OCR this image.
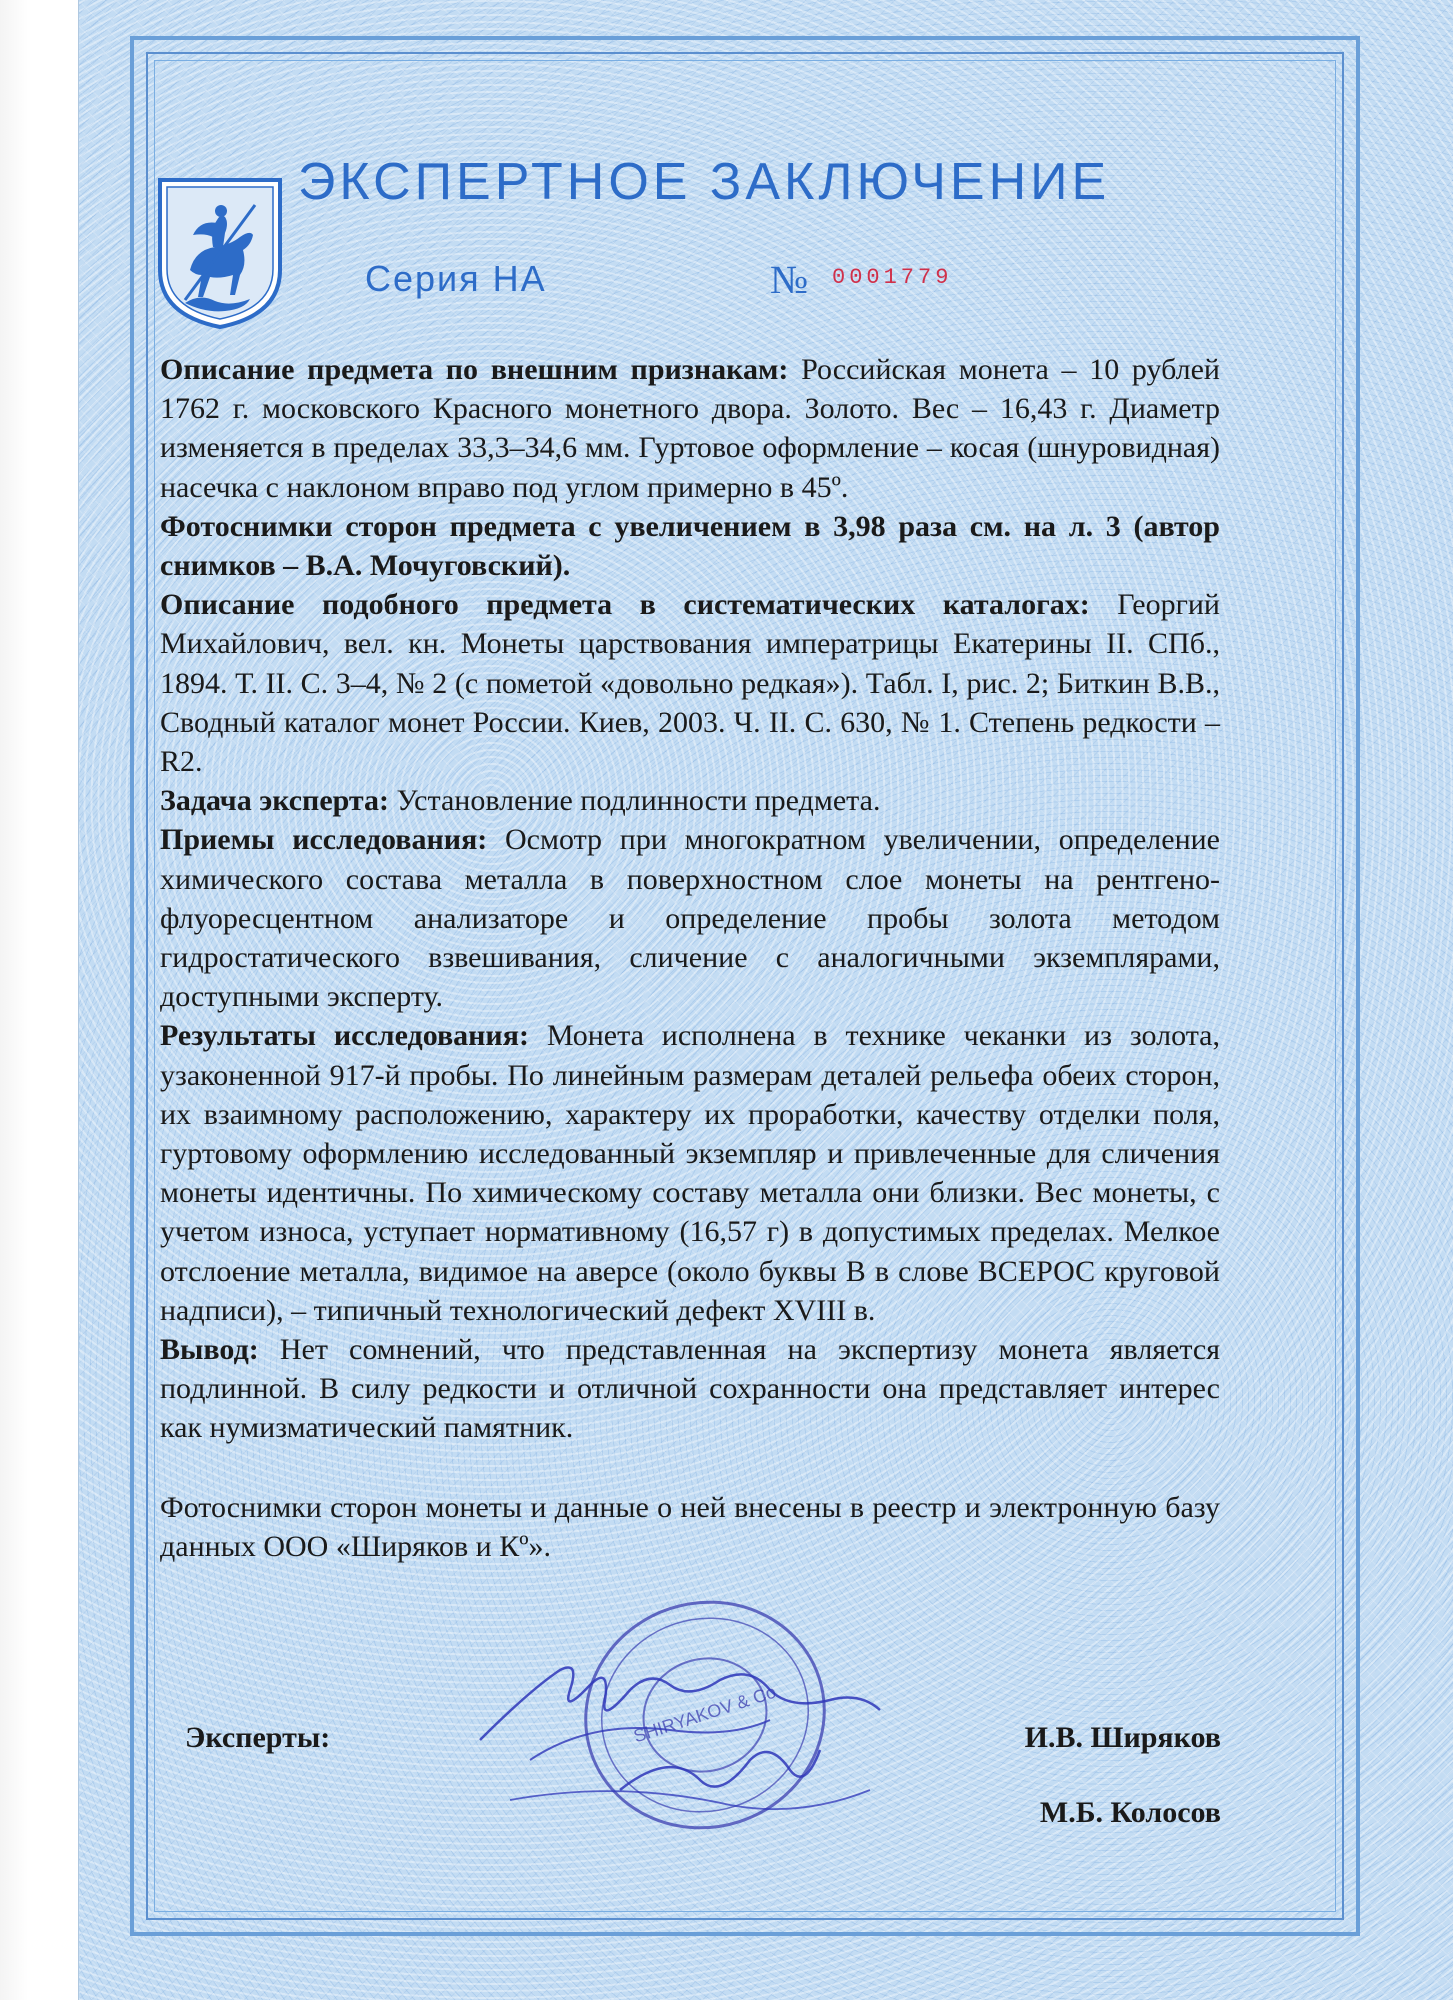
ЭКСПЕРТНОЕ ЗАКЛЮЧЕНИЕ
Серия НА	№ 0001779

Описание предмета по внешним признакам: Российская монета – 10 рублей 1762 г. московского Красного монетного двора. Золото. Вес – 16,43 г. Диаметр изменяется в пределах 33,3–34,6 мм. Гуртовое оформление – косая (шнуровидная) насечка с наклоном вправо под углом примерно в 45º.

Фотоснимки сторон предмета с увеличением в 3,98 раза см. на л. 3 (автор снимков – В.А. Мочуговский).

Описание подобного предмета в систематических каталогах: Георгий Михайлович, вел. кн. Монеты царствования императрицы Екатерины II. СПб., 1894. Т. II. С. 3–4, № 2 (с пометой «довольно редкая»). Табл. I, рис. 2; Биткин В.В., Сводный каталог монет России. Киев, 2003. Ч. II. С. 630, № 1. Степень редкости – R2.

Задача эксперта: Установление подлинности предмета.

Приемы исследования: Осмотр при многократном увеличении, определение химического состава металла в поверхностном слое монеты на рентгено-флуоресцентном анализаторе и определение пробы золота методом гидростатического взвешивания, сличение с аналогичными экземплярами, доступными эксперту.

Результаты исследования: Монета исполнена в технике чеканки из золота, узаконенной 917-й пробы. По линейным размерам деталей рельефа обеих сторон, их взаимному расположению, характеру их проработки, качеству отделки поля, гуртовому оформлению исследованный экземпляр и привлеченные для сличения монеты идентичны. По химическому составу металла они близки. Вес монеты, с учетом износа, уступает нормативному (16,57 г) в допустимых пределах. Мелкое отслоение металла, видимое на аверсе (около буквы В в слове ВСЕРОС круговой надписи), – типичный технологический дефект XVIII в.

Вывод: Нет сомнений, что представленная на экспертизу монета является подлинной. В силу редкости и отличной сохранности она представляет интерес как нумизматический памятник.

Фотоснимки сторон монеты и данные о ней внесены в реестр и электронную базу данных ООО «Ширяков и Кº».

SHIRYAKOV & Co
Эксперты:	И.В. Ширяков
М.Б. Колосов
